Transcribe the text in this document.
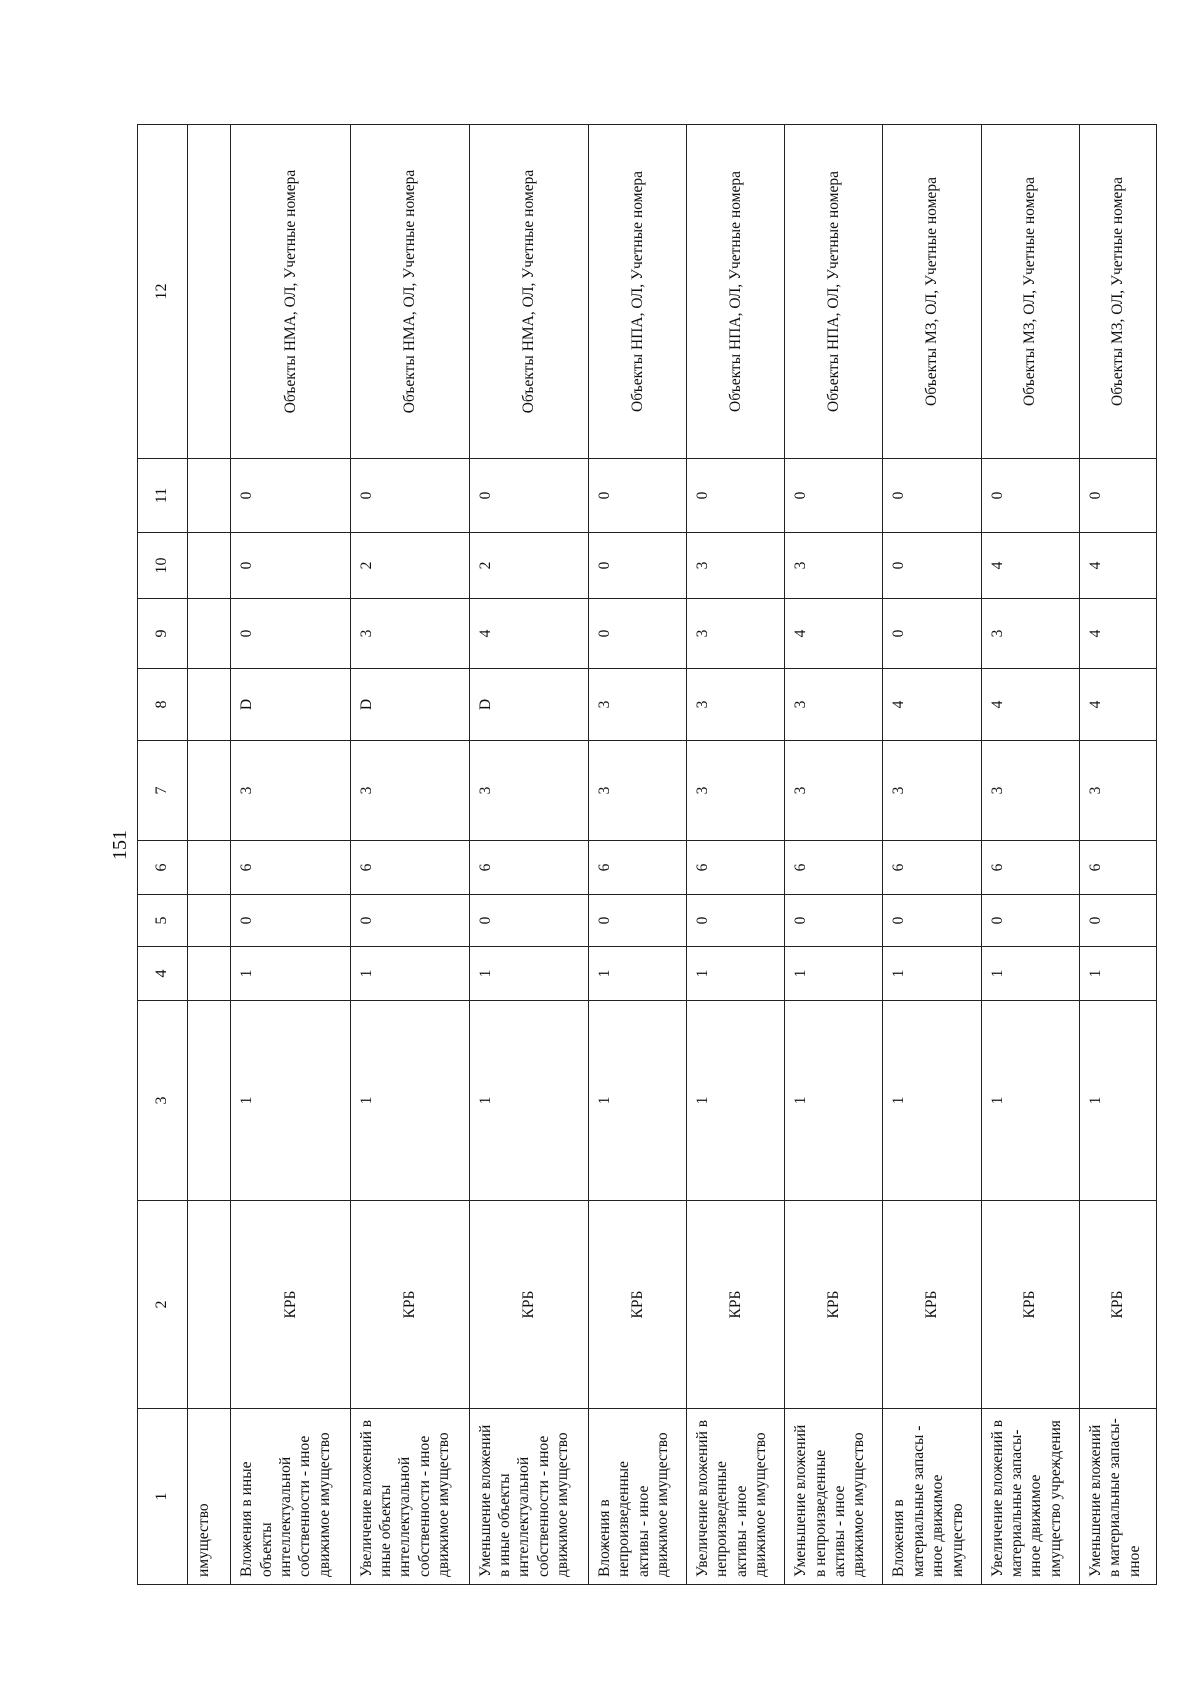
151
1	2	3	4	5	6	7	8	9	10	11	12
имущество											
Вложения в иные объекты интеллектуальной собственности - иное движимое имущество	КРБ	1	1	0	6	3	D	0	0	0	Объекты НМА, ОЛ, Учетные номера
Увеличение вложений в иные объекты интеллектуальной собственности - иное движимое имущество	КРБ	1	1	0	6	3	D	3	2	0	Объекты НМА, ОЛ, Учетные номера
Уменьшение вложений в иные объекты интеллектуальной собственности - иное движимое имущество	КРБ	1	1	0	6	3	D	4	2	0	Объекты НМА, ОЛ, Учетные номера
Вложения в непроизведенные активы - иное движимое имущество	КРБ	1	1	0	6	3	3	0	0	0	Объекты НПА, ОЛ, Учетные номера
Увеличение вложений в непроизведенные активы - иное движимое имущество	КРБ	1	1	0	6	3	3	3	3	0	Объекты НПА, ОЛ, Учетные номера
Уменьшение вложений в непроизведенные активы - иное движимое имущество	КРБ	1	1	0	6	3	3	4	3	0	Объекты НПА, ОЛ, Учетные номера
Вложения в материальные запасы - иное движимое имущество	КРБ	1	1	0	6	3	4	0	0	0	Объекты МЗ, ОЛ, Учетные номера
Увеличение вложений в материальные запасы- иное движимое имущество учреждения	КРБ	1	1	0	6	3	4	3	4	0	Объекты МЗ, ОЛ, Учетные номера
Уменьшение вложений в материальные запасы- иное	КРБ	1	1	0	6	3	4	4	4	0	Объекты МЗ, ОЛ, Учетные номера
